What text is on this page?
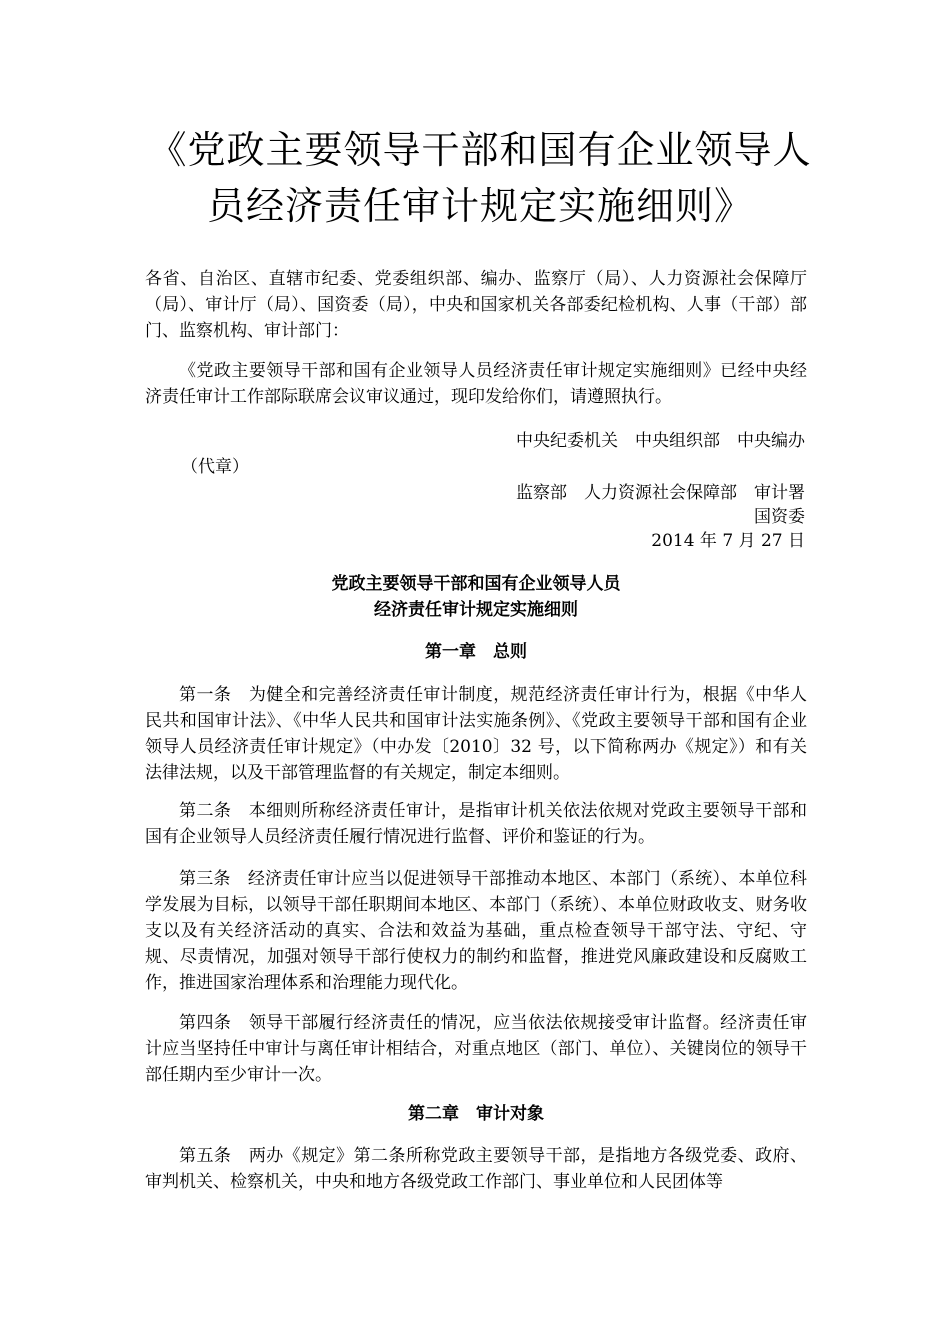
《党政主要领导干部和国有企业领导人
员经济责任审计规定实施细则》
各省、自治区、直辖市纪委、党委组织部、编办、监察厅（局）、人力资源社会保障厅（局）、审计厅（局）、国资委（局），中央和国家机关各部委纪检机构、人事（干部）部门、监察机构、审计部门：
《党政主要领导干部和国有企业领导人员经济责任审计规定实施细则》已经中央经济责任审计工作部际联席会议审议通过，现印发给你们，请遵照执行。
中央纪委机关　中央组织部　中央编办
（代章）
监察部　人力资源社会保障部　审计署
国资委
2014 年 7 月 27 日
党政主要领导干部和国有企业领导人员
经济责任审计规定实施细则
第一章　总则
第一条　为健全和完善经济责任审计制度，规范经济责任审计行为，根据《中华人民共和国审计法》、《中华人民共和国审计法实施条例》、《党政主要领导干部和国有企业领导人员经济责任审计规定》（中办发〔2010〕32 号，以下简称两办《规定》）和有关法律法规，以及干部管理监督的有关规定，制定本细则。
第二条　本细则所称经济责任审计，是指审计机关依法依规对党政主要领导干部和国有企业领导人员经济责任履行情况进行监督、评价和鉴证的行为。
第三条　经济责任审计应当以促进领导干部推动本地区、本部门（系统）、本单位科学发展为目标，以领导干部任职期间本地区、本部门（系统）、本单位财政收支、财务收支以及有关经济活动的真实、合法和效益为基础，重点检查领导干部守法、守纪、守规、尽责情况，加强对领导干部行使权力的制约和监督，推进党风廉政建设和反腐败工作，推进国家治理体系和治理能力现代化。
第四条　领导干部履行经济责任的情况，应当依法依规接受审计监督。经济责任审计应当坚持任中审计与离任审计相结合，对重点地区（部门、单位）、关键岗位的领导干部任期内至少审计一次。
第二章　审计对象
第五条　两办《规定》第二条所称党政主要领导干部，是指地方各级党委、政府、审判机关、检察机关，中央和地方各级党政工作部门、事业单位和人民团体等
